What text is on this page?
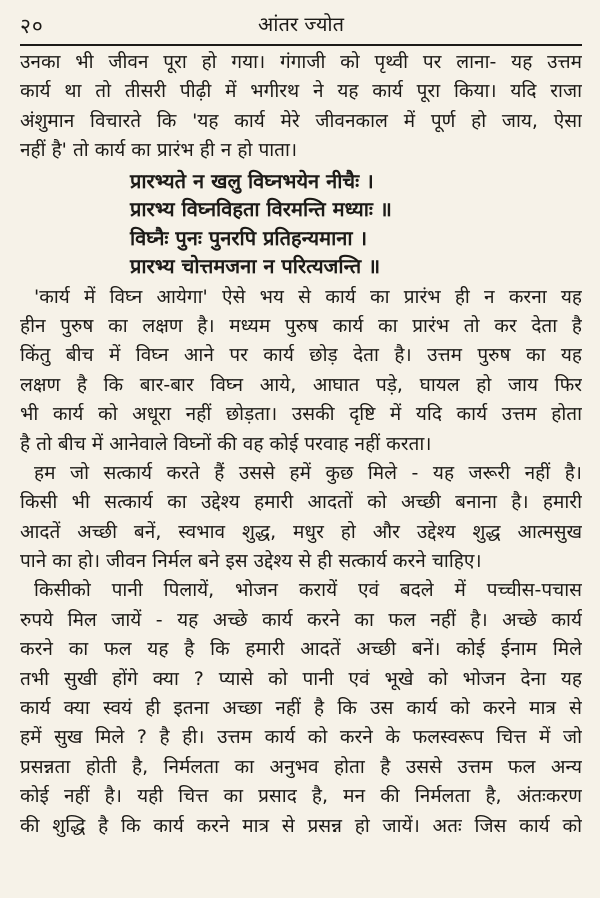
२०	आंतर ज्योत
उनका भी जीवन पूरा हो गया। गंगाजी को पृथ्वी पर लाना- यह उत्तम
कार्य था तो तीसरी पीढ़ी में भगीरथ ने यह कार्य पूरा किया। यदि राजा
अंशुमान विचारते कि 'यह कार्य मेरे जीवनकाल में पूर्ण हो जाय, ऐसा
नहीं है' तो कार्य का प्रारंभ ही न हो पाता।
प्रारभ्यते न खलु विघ्नभयेन नीचैः ।
प्रारभ्य विघ्नविहता विरमन्ति मध्याः ॥
विघ्नैः पुनः पुनरपि प्रतिहन्यमाना ।
प्रारभ्य चोत्तमजना न परित्यजन्ति ॥
'कार्य में विघ्न आयेगा' ऐसे भय से कार्य का प्रारंभ ही न करना यह
हीन पुरुष का लक्षण है। मध्यम पुरुष कार्य का प्रारंभ तो कर देता है
किंतु बीच में विघ्न आने पर कार्य छोड़ देता है। उत्तम पुरुष का यह
लक्षण है कि बार-बार विघ्न आये, आघात पड़े, घायल हो जाय फिर
भी कार्य को अधूरा नहीं छोड़ता। उसकी दृष्टि में यदि कार्य उत्तम होता
है तो बीच में आनेवाले विघ्नों की वह कोई परवाह नहीं करता।
हम जो सत्कार्य करते हैं उससे हमें कुछ मिले - यह जरूरी नहीं है।
किसी भी सत्कार्य का उद्देश्य हमारी आदतों को अच्छी बनाना है। हमारी
आदतें अच्छी बनें, स्वभाव शुद्ध, मधुर हो और उद्देश्य शुद्ध आत्मसुख
पाने का हो। जीवन निर्मल बने इस उद्देश्य से ही सत्कार्य करने चाहिए।
किसीको पानी पिलायें, भोजन करायें एवं बदले में पच्चीस-पचास
रुपये मिल जायें - यह अच्छे कार्य करने का फल नहीं है। अच्छे कार्य
करने का फल यह है कि हमारी आदतें अच्छी बनें। कोई ईनाम मिले
तभी सुखी होंगे क्या ? प्यासे को पानी एवं भूखे को भोजन देना यह
कार्य क्या स्वयं ही इतना अच्छा नहीं है कि उस कार्य को करने मात्र से
हमें सुख मिले ? है ही। उत्तम कार्य को करने के फलस्वरूप चित्त में जो
प्रसन्नता होती है, निर्मलता का अनुभव होता है उससे उत्तम फल अन्य
कोई नहीं है। यही चित्त का प्रसाद है, मन की निर्मलता है, अंतःकरण
की शुद्धि है कि कार्य करने मात्र से प्रसन्न हो जायें। अतः जिस कार्य को
